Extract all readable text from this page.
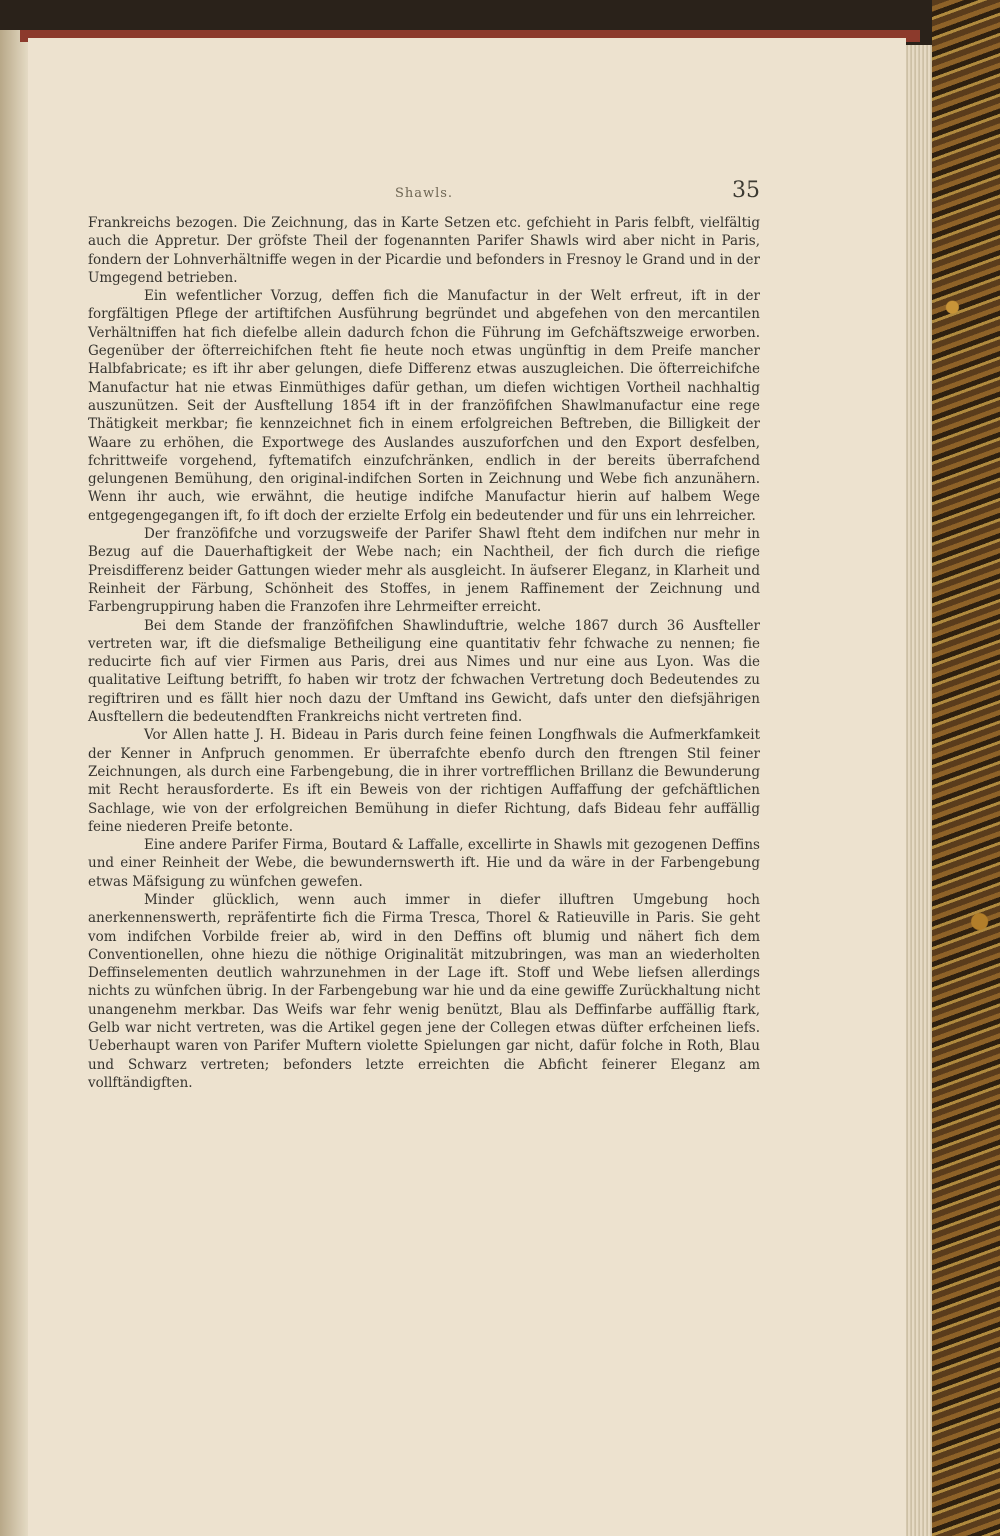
Shawls.	35

Frankreichs bezogen. Die Zeichnung, das in Karte Setzen etc. gefchieht in Paris felbft, vielfältig auch die Appretur. Der gröfste Theil der fogenannten Parifer Shawls wird aber nicht in Paris, fondern der Lohnverhältniffe wegen in der Picardie und befonders in Fresnoy le Grand und in der Umgegend betrieben.

Ein wefentlicher Vorzug, deffen fich die Manufactur in der Welt erfreut, ift in der forgfältigen Pflege der artiftifchen Ausführung begründet und abgefehen von den mercantilen Verhältniffen hat fich diefelbe allein dadurch fchon die Führung im Gefchäftszweige erworben. Gegenüber der öfterreichifchen fteht fie heute noch etwas ungünftig in dem Preife mancher Halbfabricate; es ift ihr aber gelungen, diefe Differenz etwas auszugleichen. Die öfterreichifche Manufactur hat nie etwas Einmüthiges dafür gethan, um diefen wichtigen Vortheil nachhaltig auszunützen. Seit der Ausftellung 1854 ift in der franzöfifchen Shawlmanufactur eine rege Thätigkeit merkbar; fie kennzeichnet fich in einem erfolgreichen Beftreben, die Billigkeit der Waare zu erhöhen, die Exportwege des Auslandes auszuforfchen und den Export desfelben, fchrittweife vorgehend, fyftematifch einzufchränken, endlich in der bereits überrafchend gelungenen Bemühung, den original-indifchen Sorten in Zeichnung und Webe fich anzunähern. Wenn ihr auch, wie erwähnt, die heutige indifche Manufactur hierin auf halbem Wege entgegengegangen ift, fo ift doch der erzielte Erfolg ein bedeutender und für uns ein lehrreicher.

Der franzöfifche und vorzugsweife der Parifer Shawl fteht dem indifchen nur mehr in Bezug auf die Dauerhaftigkeit der Webe nach; ein Nachtheil, der fich durch die riefige Preisdifferenz beider Gattungen wieder mehr als ausgleicht. In äufserer Eleganz, in Klarheit und Reinheit der Färbung, Schönheit des Stoffes, in jenem Raffinement der Zeichnung und Farbengruppirung haben die Franzofen ihre Lehrmeifter erreicht.

Bei dem Stande der franzöfifchen Shawlinduftrie, welche 1867 durch 36 Ausfteller vertreten war, ift die diefsmalige Betheiligung eine quantitativ fehr fchwache zu nennen; fie reducirte fich auf vier Firmen aus Paris, drei aus Nimes und nur eine aus Lyon. Was die qualitative Leiftung betrifft, fo haben wir trotz der fchwachen Vertretung doch Bedeutendes zu regiftriren und es fällt hier noch dazu der Umftand ins Gewicht, dafs unter den diefsjährigen Ausftellern die bedeutendften Frankreichs nicht vertreten find.

Vor Allen hatte J. H. Bideau in Paris durch feine feinen Longfhwals die Aufmerkfamkeit der Kenner in Anfpruch genommen. Er überrafchte ebenfo durch den ftrengen Stil feiner Zeichnungen, als durch eine Farbengebung, die in ihrer vortrefflichen Brillanz die Bewunderung mit Recht herausforderte. Es ift ein Beweis von der richtigen Auffaffung der gefchäftlichen Sachlage, wie von der erfolgreichen Bemühung in diefer Richtung, dafs Bideau fehr auffällig feine niederen Preife betonte.

Eine andere Parifer Firma, Boutard & Laffalle, excellirte in Shawls mit gezogenen Deffins und einer Reinheit der Webe, die bewundernswerth ift. Hie und da wäre in der Farbengebung etwas Mäfsigung zu wünfchen gewefen.

Minder glücklich, wenn auch immer in diefer illuftren Umgebung hoch anerkennenswerth, repräfentirte fich die Firma Tresca, Thorel & Ratieuville in Paris. Sie geht vom indifchen Vorbilde freier ab, wird in den Deffins oft blumig und nähert fich dem Conventionellen, ohne hiezu die nöthige Originalität mitzubringen, was man an wiederholten Deffinselementen deutlich wahrzunehmen in der Lage ift. Stoff und Webe liefsen allerdings nichts zu wünfchen übrig. In der Farbengebung war hie und da eine gewiffe Zurückhaltung nicht unangenehm merkbar. Das Weifs war fehr wenig benützt, Blau als Deffinfarbe auffällig ftark, Gelb war nicht vertreten, was die Artikel gegen jene der Collegen etwas düfter erfcheinen liefs. Ueberhaupt waren von Parifer Muftern violette Spielungen gar nicht, dafür folche in Roth, Blau und Schwarz vertreten; befonders letzte erreichten die Abficht feinerer Eleganz am vollftändigften.
